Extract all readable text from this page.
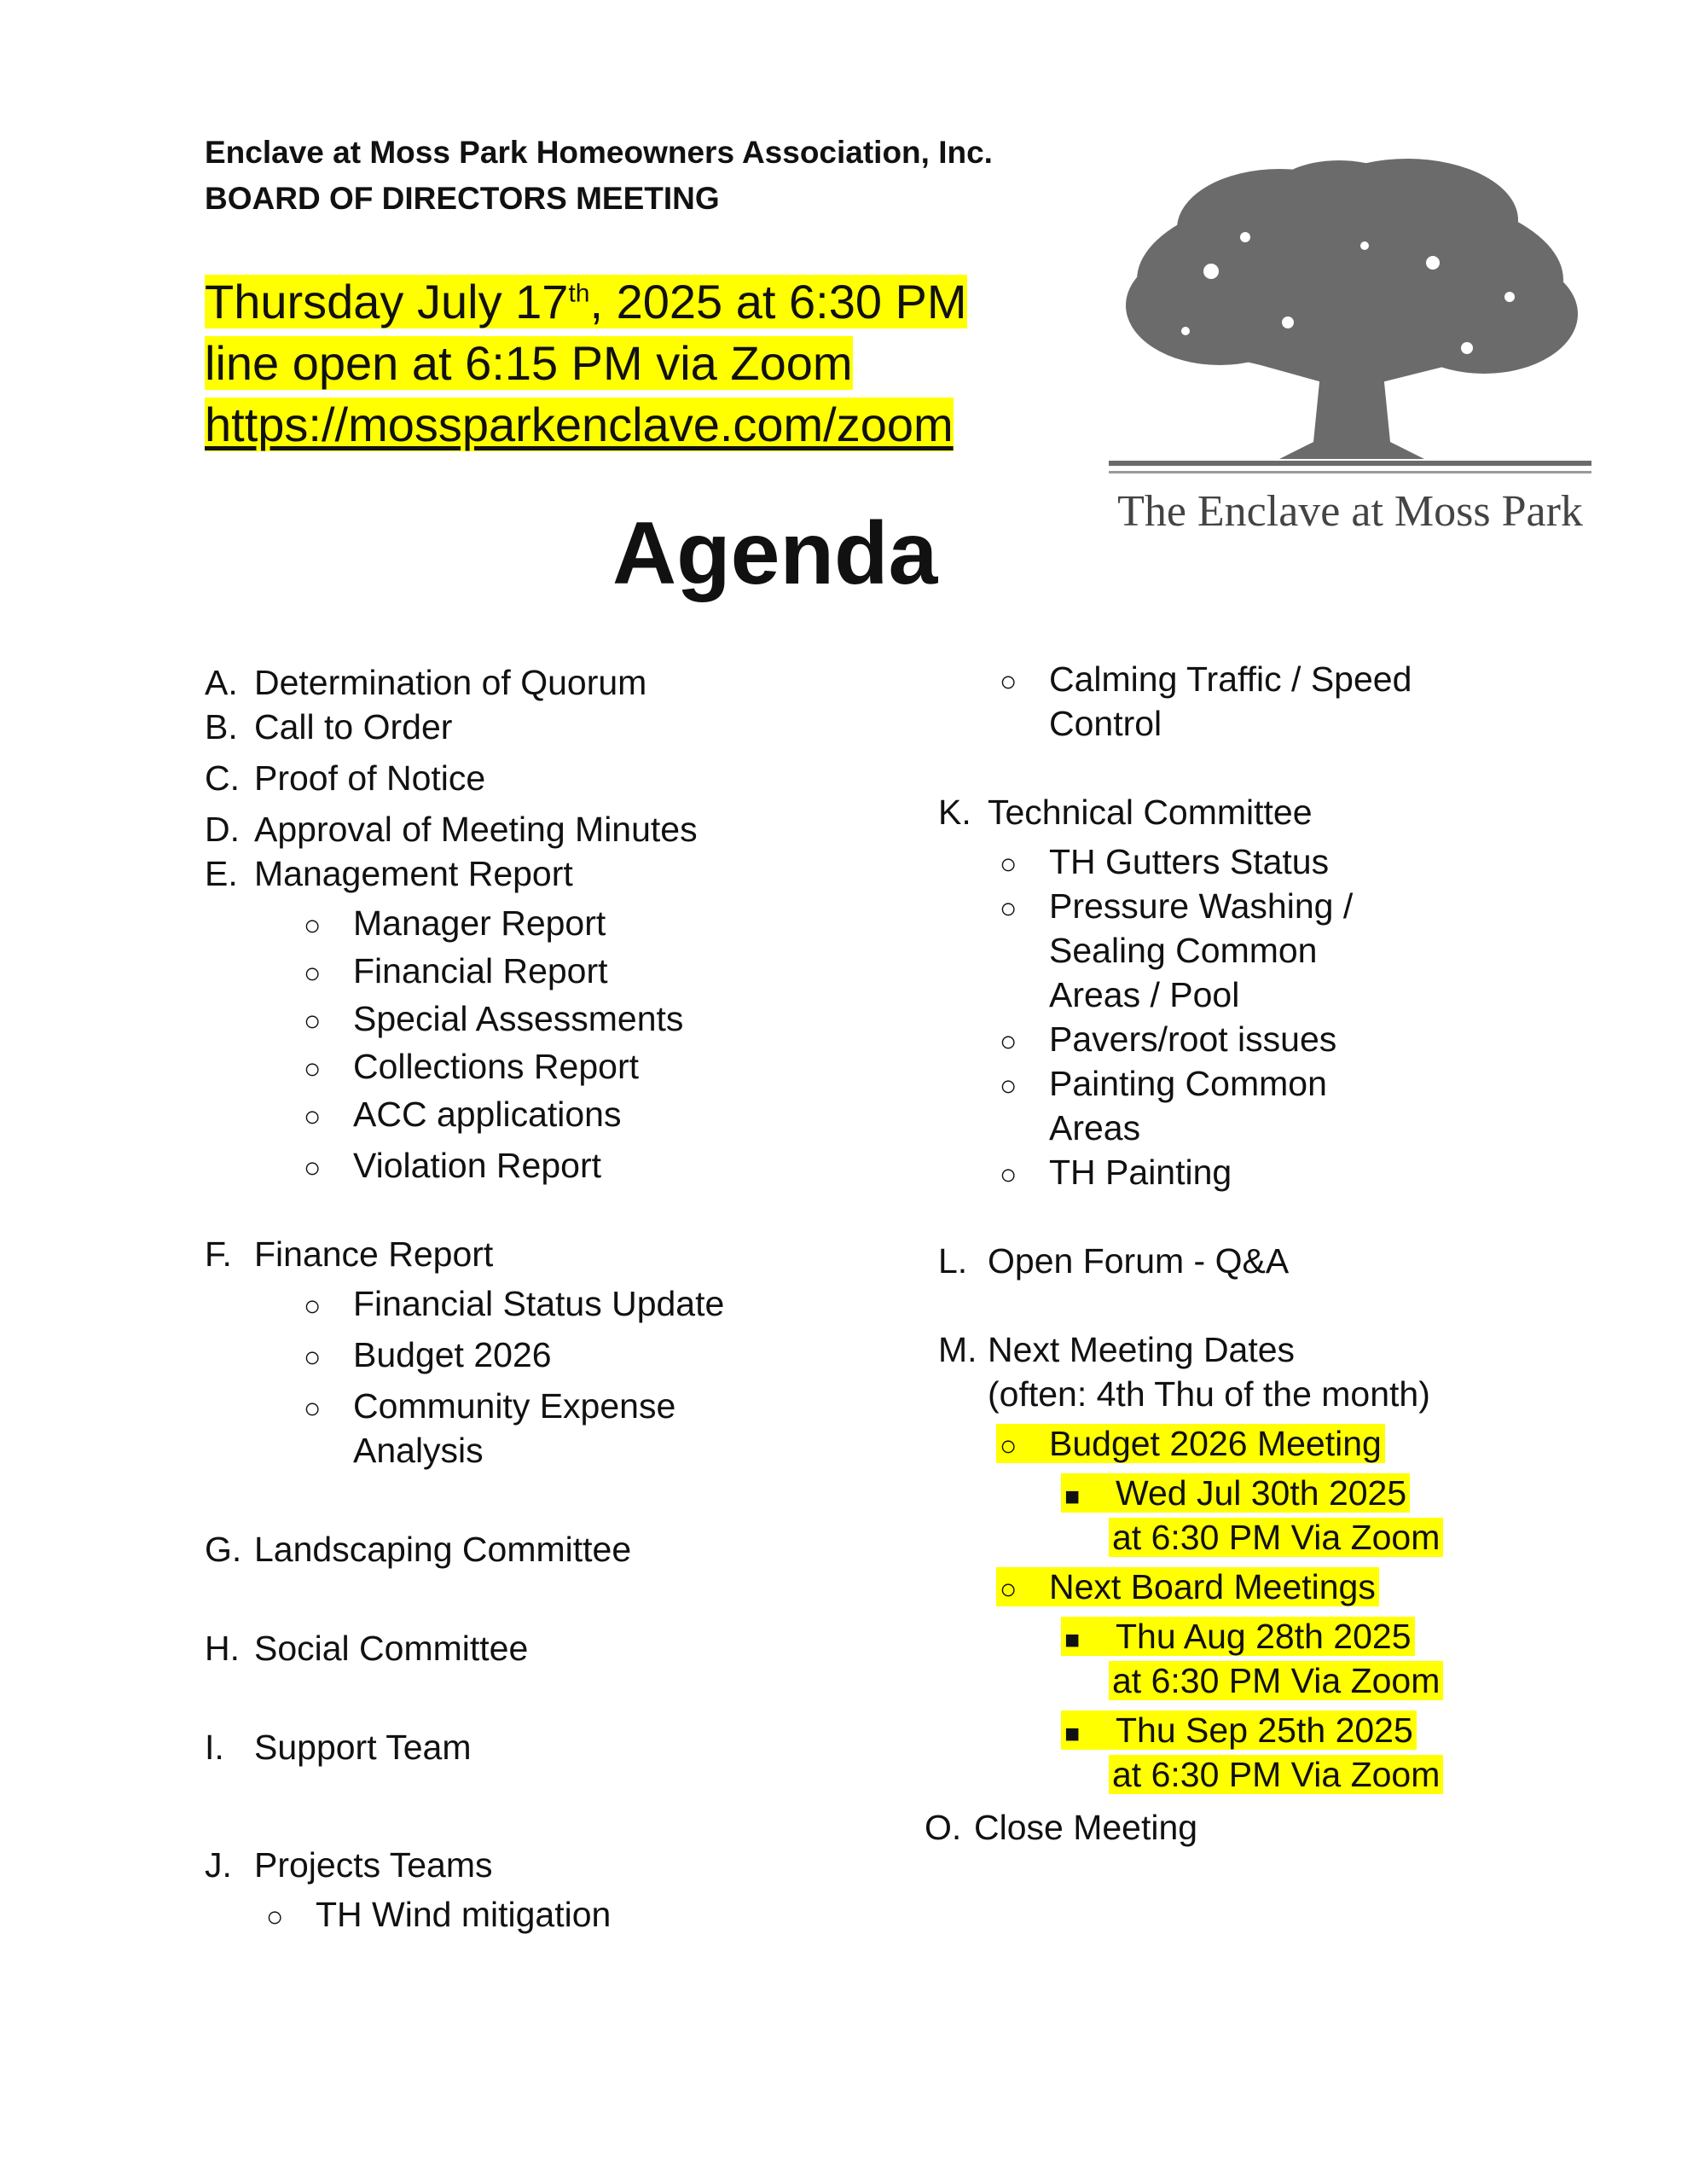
Enclave at Moss Park Homeowners Association, Inc.
BOARD OF DIRECTORS MEETING
Thursday July 17th, 2025 at 6:30 PM
line open at 6:15 PM via Zoom
https://mossparkenclave.com/zoom
The Enclave at Moss Park
Agenda
A. Determination of Quorum
B. Call to Order
C. Proof of Notice
D. Approval of Meeting Minutes
E. Management Report
○ Manager Report
○ Financial Report
○ Special Assessments
○ Collections Report
○ ACC applications
○ Violation Report
F. Finance Report
○ Financial Status Update
○ Budget 2026
○ Community Expense
Analysis
G. Landscaping Committee
H. Social Committee
I. Support Team
J. Projects Teams
○ TH Wind mitigation
○ Calming Traffic / Speed
Control
K. Technical Committee
○ TH Gutters Status
○ Pressure Washing /
Sealing Common
Areas / Pool
○ Pavers/root issues
○ Painting Common
Areas
○ TH Painting
L. Open Forum - Q&A
M. Next Meeting Dates
(often: 4th Thu of the month)
○ Budget 2026 Meeting
■ Wed Jul 30th 2025
at 6:30 PM Via Zoom
○ Next Board Meetings
■ Thu Aug 28th 2025
at 6:30 PM Via Zoom
■ Thu Sep 25th 2025
at 6:30 PM Via Zoom
O. Close Meeting
